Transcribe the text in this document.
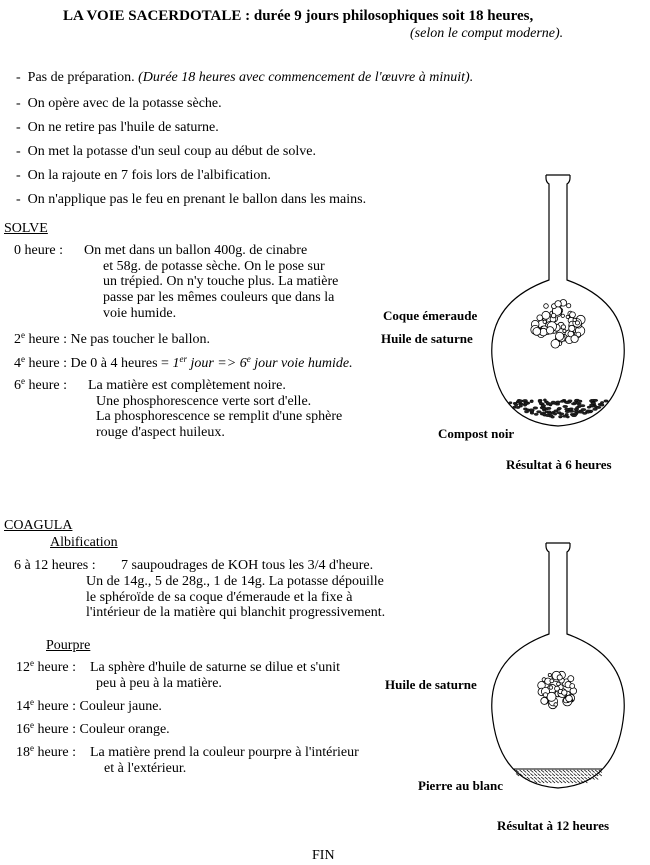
LA VOIE SACERDOTALE : durée 9 jours philosophiques soit 18 heures,
(selon le comput moderne).
-  Pas de préparation. (Durée 18 heures avec commencement de l'œuvre à minuit).
-  On opère avec de la potasse sèche.
-  On ne retire pas l'huile de saturne.
-  On met la potasse d'un seul coup au début de solve.
-  On la rajoute en 7 fois lors de l'albification.
-  On n'applique pas le feu en prenant le ballon dans les mains.
SOLVE
0 heure : On met dans un ballon 400g. de cinabre
et 58g. de potasse sèche. On le pose sur
un trépied. On n'y touche plus. La matière
passe par les mêmes couleurs que dans la
voie humide.
2e heure : Ne pas toucher le ballon.
4e heure : De 0 à 4 heures = 1er jour => $6^e$ jour voie humide.
6e heure : La matière est complètement noire.
Une phosphorescence verte sort d'elle.
La phosphorescence se remplit d'une sphère
rouge d'aspect huileux.
Coque émeraude
Huile de saturne
Compost noir
Résultat à 6 heures
COAGULA
Albification
6 à 12 heures : 7 saupoudrages de KOH tous les 3/4 d'heure.
Un de 14g., 5 de 28g., 1 de 14g. La potasse dépouille
le sphéroïde de sa coque d'émeraude et la fixe à
l'intérieur de la matière qui blanchit progressivement.
Pourpre
12e heure : La sphère d'huile de saturne se dilue et s'unit
peu à peu à la matière.
14e heure : Couleur jaune.
16e heure : Couleur orange.
18e heure : La matière prend la couleur pourpre à l'intérieur
et à l'extérieur.
Huile de saturne
Pierre au blanc
Résultat à 12 heures
FIN
